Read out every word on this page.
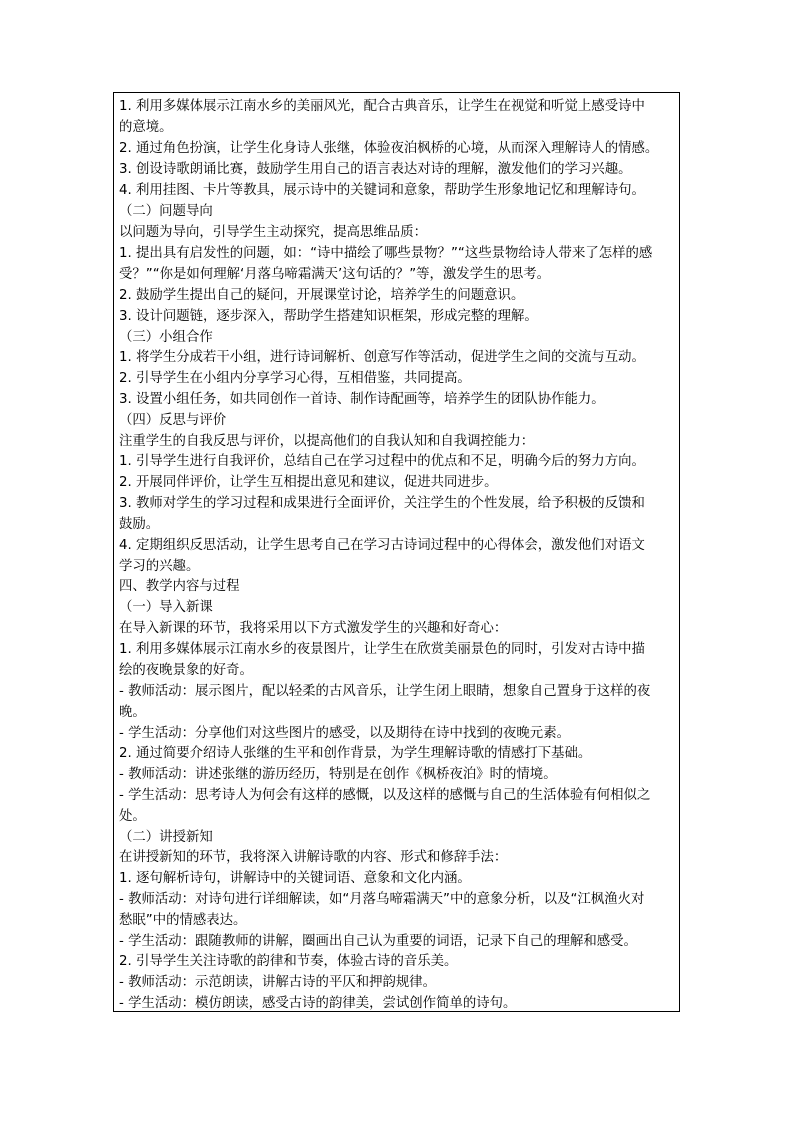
1. 利用多媒体展示江南水乡的美丽风光，配合古典音乐，让学生在视觉和听觉上感受诗中
的意境。
2. 通过角色扮演，让学生化身诗人张继，体验夜泊枫桥的心境，从而深入理解诗人的情感。
3. 创设诗歌朗诵比赛，鼓励学生用自己的语言表达对诗的理解，激发他们的学习兴趣。
4. 利用挂图、卡片等教具，展示诗中的关键词和意象，帮助学生形象地记忆和理解诗句。
（二）问题导向
以问题为导向，引导学生主动探究，提高思维品质：
1. 提出具有启发性的问题，如：“诗中描绘了哪些景物？”“这些景物给诗人带来了怎样的感
受？”“你是如何理解‘月落乌啼霜满天’这句话的？”等，激发学生的思考。
2. 鼓励学生提出自己的疑问，开展课堂讨论，培养学生的问题意识。
3. 设计问题链，逐步深入，帮助学生搭建知识框架，形成完整的理解。
（三）小组合作
1. 将学生分成若干小组，进行诗词解析、创意写作等活动，促进学生之间的交流与互动。
2. 引导学生在小组内分享学习心得，互相借鉴，共同提高。
3. 设置小组任务，如共同创作一首诗、制作诗配画等，培养学生的团队协作能力。
（四）反思与评价
注重学生的自我反思与评价，以提高他们的自我认知和自我调控能力：
1. 引导学生进行自我评价，总结自己在学习过程中的优点和不足，明确今后的努力方向。
2. 开展同伴评价，让学生互相提出意见和建议，促进共同进步。
3. 教师对学生的学习过程和成果进行全面评价，关注学生的个性发展，给予积极的反馈和
鼓励。
4. 定期组织反思活动，让学生思考自己在学习古诗词过程中的心得体会，激发他们对语文
学习的兴趣。
四、教学内容与过程
（一）导入新课
在导入新课的环节，我将采用以下方式激发学生的兴趣和好奇心：
1. 利用多媒体展示江南水乡的夜景图片，让学生在欣赏美丽景色的同时，引发对古诗中描
绘的夜晚景象的好奇。
- 教师活动：展示图片，配以轻柔的古风音乐，让学生闭上眼睛，想象自己置身于这样的夜
晚。
- 学生活动：分享他们对这些图片的感受，以及期待在诗中找到的夜晚元素。
2. 通过简要介绍诗人张继的生平和创作背景，为学生理解诗歌的情感打下基础。
- 教师活动：讲述张继的游历经历，特别是在创作《枫桥夜泊》时的情境。
- 学生活动：思考诗人为何会有这样的感慨，以及这样的感慨与自己的生活体验有何相似之
处。
（二）讲授新知
在讲授新知的环节，我将深入讲解诗歌的内容、形式和修辞手法：
1. 逐句解析诗句，讲解诗中的关键词语、意象和文化内涵。
- 教师活动：对诗句进行详细解读，如“月落乌啼霜满天”中的意象分析，以及“江枫渔火对
愁眠”中的情感表达。
- 学生活动：跟随教师的讲解，圈画出自己认为重要的词语，记录下自己的理解和感受。
2. 引导学生关注诗歌的韵律和节奏，体验古诗的音乐美。
- 教师活动：示范朗读，讲解古诗的平仄和押韵规律。
- 学生活动：模仿朗读，感受古诗的韵律美，尝试创作简单的诗句。
